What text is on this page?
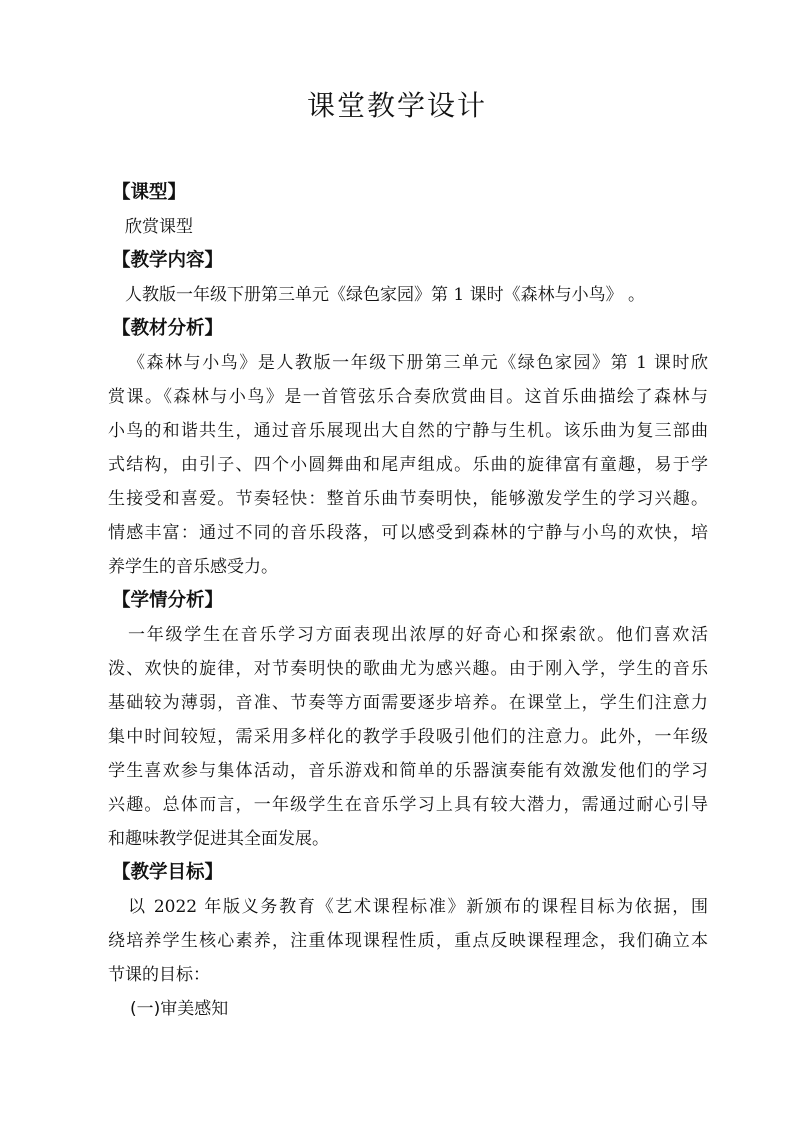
课堂教学设计
【课型】
欣赏课型
【教学内容】
人教版一年级下册第三单元《绿色家园》第 1 课时《森林与小鸟》 。
【教材分析】
《森林与小鸟》是人教版一年级下册第三单元《绿色家园》第 1 课时欣
赏课。《森林与小鸟》是一首管弦乐合奏欣赏曲目。这首乐曲描绘了森林与
小鸟的和谐共生，通过音乐展现出大自然的宁静与生机。该乐曲为复三部曲
式结构，由引子、四个小圆舞曲和尾声组成。乐曲的旋律富有童趣，易于学
生接受和喜爱。节奏轻快：整首乐曲节奏明快，能够激发学生的学习兴趣。
情感丰富：通过不同的音乐段落，可以感受到森林的宁静与小鸟的欢快，培
养学生的音乐感受力。
【学情分析】
一年级学生在音乐学习方面表现出浓厚的好奇心和探索欲。他们喜欢活
泼、欢快的旋律，对节奏明快的歌曲尤为感兴趣。由于刚入学，学生的音乐
基础较为薄弱，音准、节奏等方面需要逐步培养。在课堂上，学生们注意力
集中时间较短，需采用多样化的教学手段吸引他们的注意力。此外，一年级
学生喜欢参与集体活动，音乐游戏和简单的乐器演奏能有效激发他们的学习
兴趣。总体而言，一年级学生在音乐学习上具有较大潜力，需通过耐心引导
和趣味教学促进其全面发展。
【教学目标】
以 2022 年版义务教育《艺术课程标准》新颁布的课程目标为依据，围
绕培养学生核心素养，注重体现课程性质，重点反映课程理念，我们确立本
节课的目标：
(一)审美感知
